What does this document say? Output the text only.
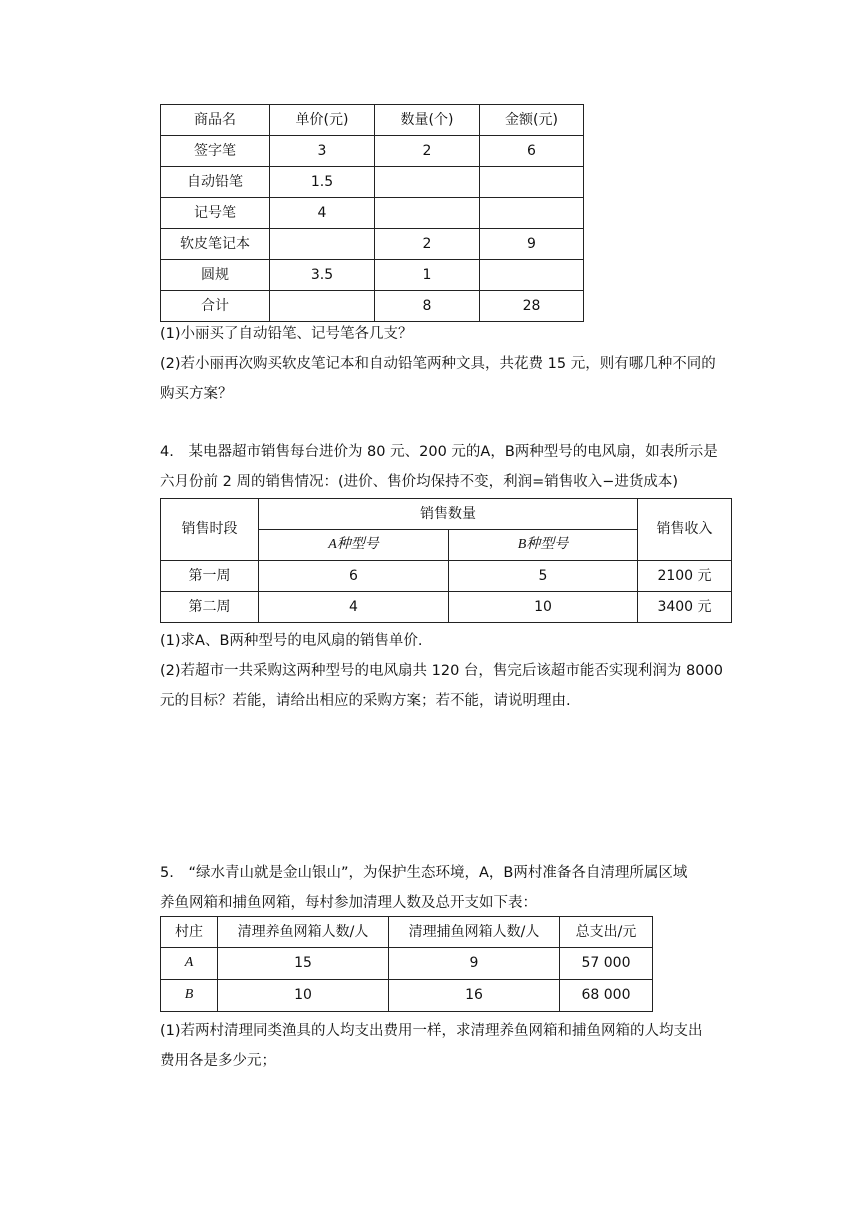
商品名	单价(元)	数量(个)	金额(元)
签字笔	3	2	6
自动铅笔	1.5		
记号笔	4		
软皮笔记本		2	9
圆规	3.5	1	
合计		8	28
(1)小丽买了自动铅笔、记号笔各几支？
(2)若小丽再次购买软皮笔记本和自动铅笔两种文具，共花费 15 元，则有哪几种不同的
购买方案？
4. 某电器超市销售每台进价为 80 元、200 元的A，B两种型号的电风扇，如表所示是
六月份前 2 周的销售情况：(进价、售价均保持不变，利润=销售收入−进货成本)
销售时段	销售数量		销售收入
	A种型号	B种型号	
第一周	6	5	2100 元
第二周	4	10	3400 元
(1)求A、B两种型号的电风扇的销售单价.
(2)若超市一共采购这两种型号的电风扇共 120 台，售完后该超市能否实现利润为 8000
元的目标？若能，请给出相应的采购方案；若不能，请说明理由.
5. “绿水青山就是金山银山”，为保护生态环境，A，B两村准备各自清理所属区域
养鱼网箱和捕鱼网箱，每村参加清理人数及总开支如下表：
村庄	清理养鱼网箱人数/人	清理捕鱼网箱人数/人	总支出/元
A	15	9	57 000
B	10	16	68 000
(1)若两村清理同类渔具的人均支出费用一样，求清理养鱼网箱和捕鱼网箱的人均支出
费用各是多少元；
